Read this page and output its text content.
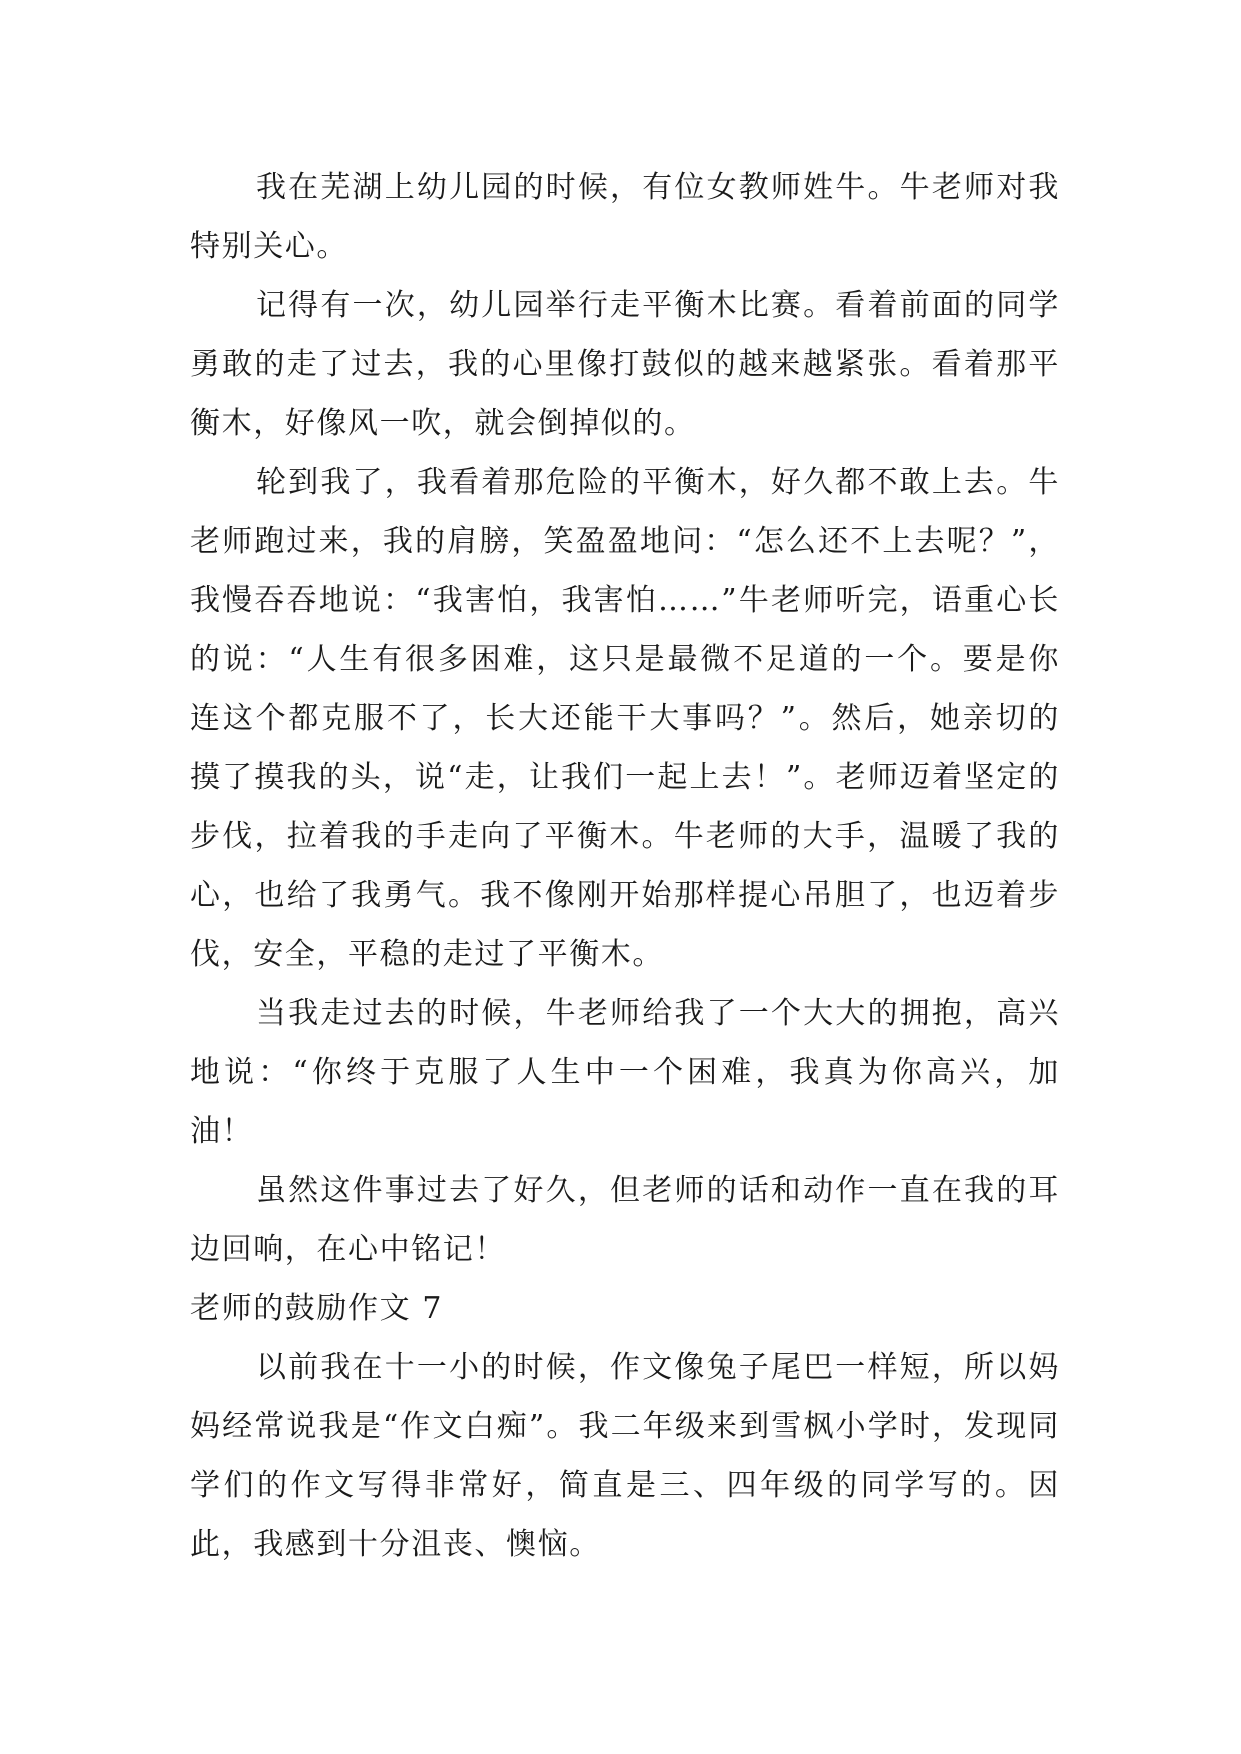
我在芜湖上幼儿园的时候，有位女教师姓牛。牛老师对我特别关心。

记得有一次，幼儿园举行走平衡木比赛。看着前面的同学勇敢的走了过去，我的心里像打鼓似的越来越紧张。看着那平衡木，好像风一吹，就会倒掉似的。

轮到我了，我看着那危险的平衡木，好久都不敢上去。牛老师跑过来，我的肩膀，笑盈盈地问：“怎么还不上去呢？”，我慢吞吞地说：“我害怕，我害怕……”牛老师听完，语重心长的说：“人生有很多困难，这只是最微不足道的一个。要是你连这个都克服不了，长大还能干大事吗？”。然后，她亲切的摸了摸我的头，说“走，让我们一起上去！”。老师迈着坚定的步伐，拉着我的手走向了平衡木。牛老师的大手，温暖了我的心，也给了我勇气。我不像刚开始那样提心吊胆了，也迈着步伐，安全，平稳的走过了平衡木。

当我走过去的时候，牛老师给我了一个大大的拥抱，高兴地说：“你终于克服了人生中一个困难，我真为你高兴，加油！

虽然这件事过去了好久，但老师的话和动作一直在我的耳边回响，在心中铭记！

老师的鼓励作文 7

以前我在十一小的时候，作文像兔子尾巴一样短，所以妈妈经常说我是“作文白痴”。我二年级来到雪枫小学时，发现同学们的作文写得非常好，简直是三、四年级的同学写的。因此，我感到十分沮丧、懊恼。
